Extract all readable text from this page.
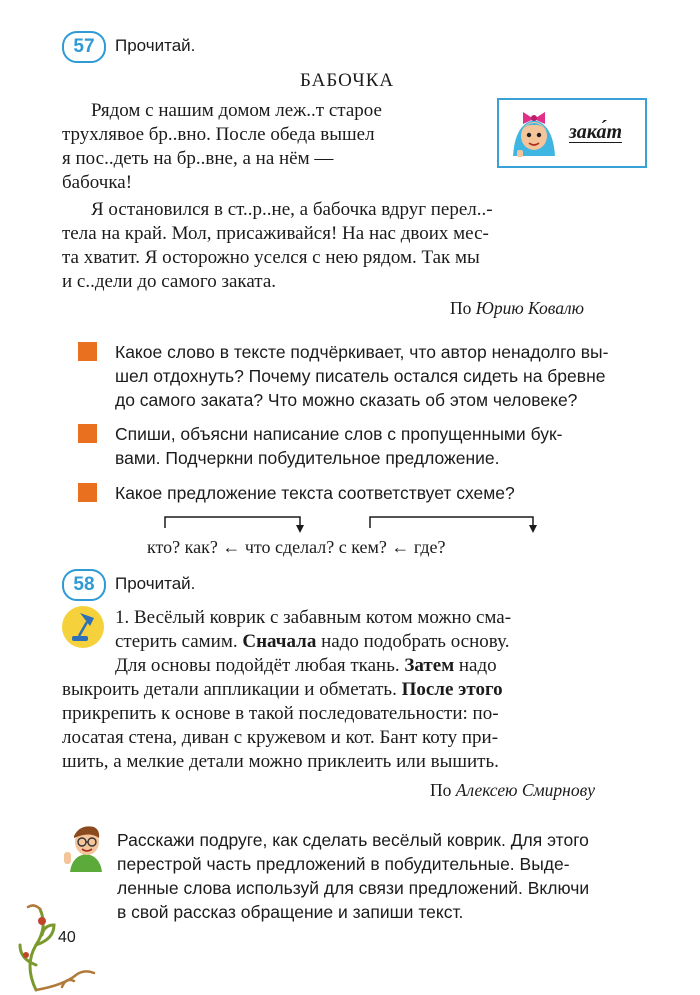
57	Прочитай.
БАБОЧКА
Рядом с нашим домом леж..т старое
трухлявое бр..вно. После обеда вышел
я пос..деть на бр..вне, а на нём —
бабочка!
Я остановился в ст..р..не, а бабочка вдруг перел..-
тела на край. Мол, присаживайся! На нас двоих мес-
та хватит. Я осторожно уселся с нею рядом. Так мы
и с..дели до самого заката.
По Юрию Ковалю
зака́т
Какое слово в тексте подчёркивает, что автор ненадолго вы-
шел отдохнуть? Почему писатель остался сидеть на бревне
до самого заката? Что можно сказать об этом человеке?
Спиши, объясни написание слов с пропущенными бук-
вами. Подчеркни побудительное предложение.
Какое предложение текста соответствует схеме?
кто? как? ← что сделал? с кем? ← где?
58	Прочитай.
1. Весёлый коврик с забавным котом можно сма-
стерить самим. Сначала надо подобрать основу.
Для основы подойдёт любая ткань. Затем надо
выкроить детали аппликации и обметать. После этого
прикрепить к основе в такой последовательности: по-
лосатая стена, диван с кружевом и кот. Бант коту при-
шить, а мелкие детали можно приклеить или вышить.
По Алексею Смирнову
Расскажи подруге, как сделать весёлый коврик. Для этого
перестрой часть предложений в побудительные. Выде-
ленные слова используй для связи предложений. Включи
в свой рассказ обращение и запиши текст.
40
